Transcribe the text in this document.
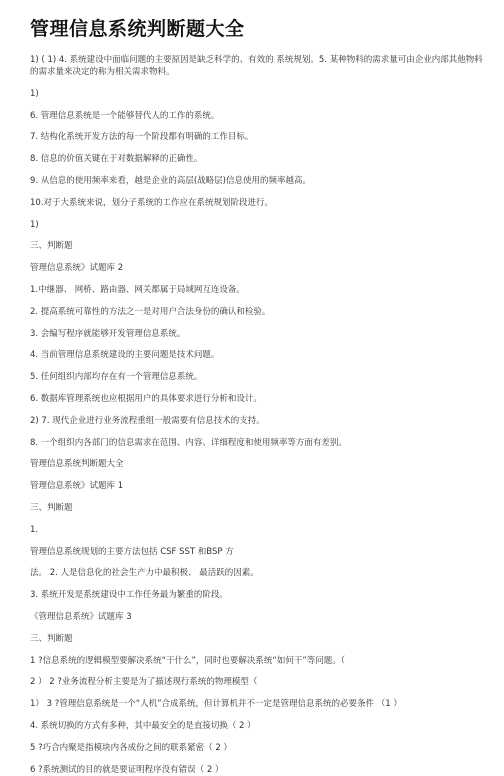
管理信息系统判断题大全

1) ( 1) 4. 系统建设中面临问题的主要原因是缺乏科学的、有效的 系统规划。5. 某种物料的需求量可由企业内部其他物料的需求量来决定的称为相关需求物料。

1)

6. 管理信息系统是一个能够替代人的工作的系统。

7. 结构化系统开发方法的每一个阶段都有明确的工作目标。

8. 信息的价值关键在于对数据解释的正确性。

9. 从信息的使用频率来看，越是企业的高层(战略层)信息使用的频率越高。

10.对于大系统来说，划分子系统的工作应在系统规划阶段进行。

1)

三、判断题

管理信息系统》试题库 2

1.中继器、 网桥、路由器、网关都属于局域网互连设备。

2. 提高系统可靠性的方法之一是对用户合法身份的确认和检验。

3. 会编写程序就能够开发管理信息系统。

4. 当前管理信息系统建设的主要问题是技术问题。

5. 任何组织内部均存在有一个管理信息系统。

6. 数据库管理系统也应根据用户的具体要求进行分析和设计。

2) 7. 现代企业进行业务流程重组一般需要有信息技术的支持。

8. 一个组织内各部门的信息需求在范围、内容、详细程度和使用频率等方面有差别。

管理信息系统判断题大全

管理信息系统》试题库 1

三、判断题

1.

管理信息系统规划的主要方法包括 CSF SST 和BSP 方

法。 2. 人是信息化的社会生产力中最积极、 最活跃的因素。

3. 系统开发是系统建设中工作任务最为繁重的阶段。

《管理信息系统》试题库 3

三、判断题

1 ?信息系统的逻辑模型要解决系统“干什么”，同时也要解决系统“如何干”等问题。（

2 ） 2 ?业务流程分析主要是为了描述现行系统的物理模型（

1） 3 ?管理信息系统是一个“人机”合成系统，但计算机并不一定是管理信息系统的必要条件 （1 ）

4. 系统切换的方式有多种，其中最安全的是直接切换（ 2 ）

5 ?巧合内聚是指模块内各成份之间的联系紧密（ 2 ）

6 ?系统测试的目的就是要证明程序没有错误（ 2 ）
